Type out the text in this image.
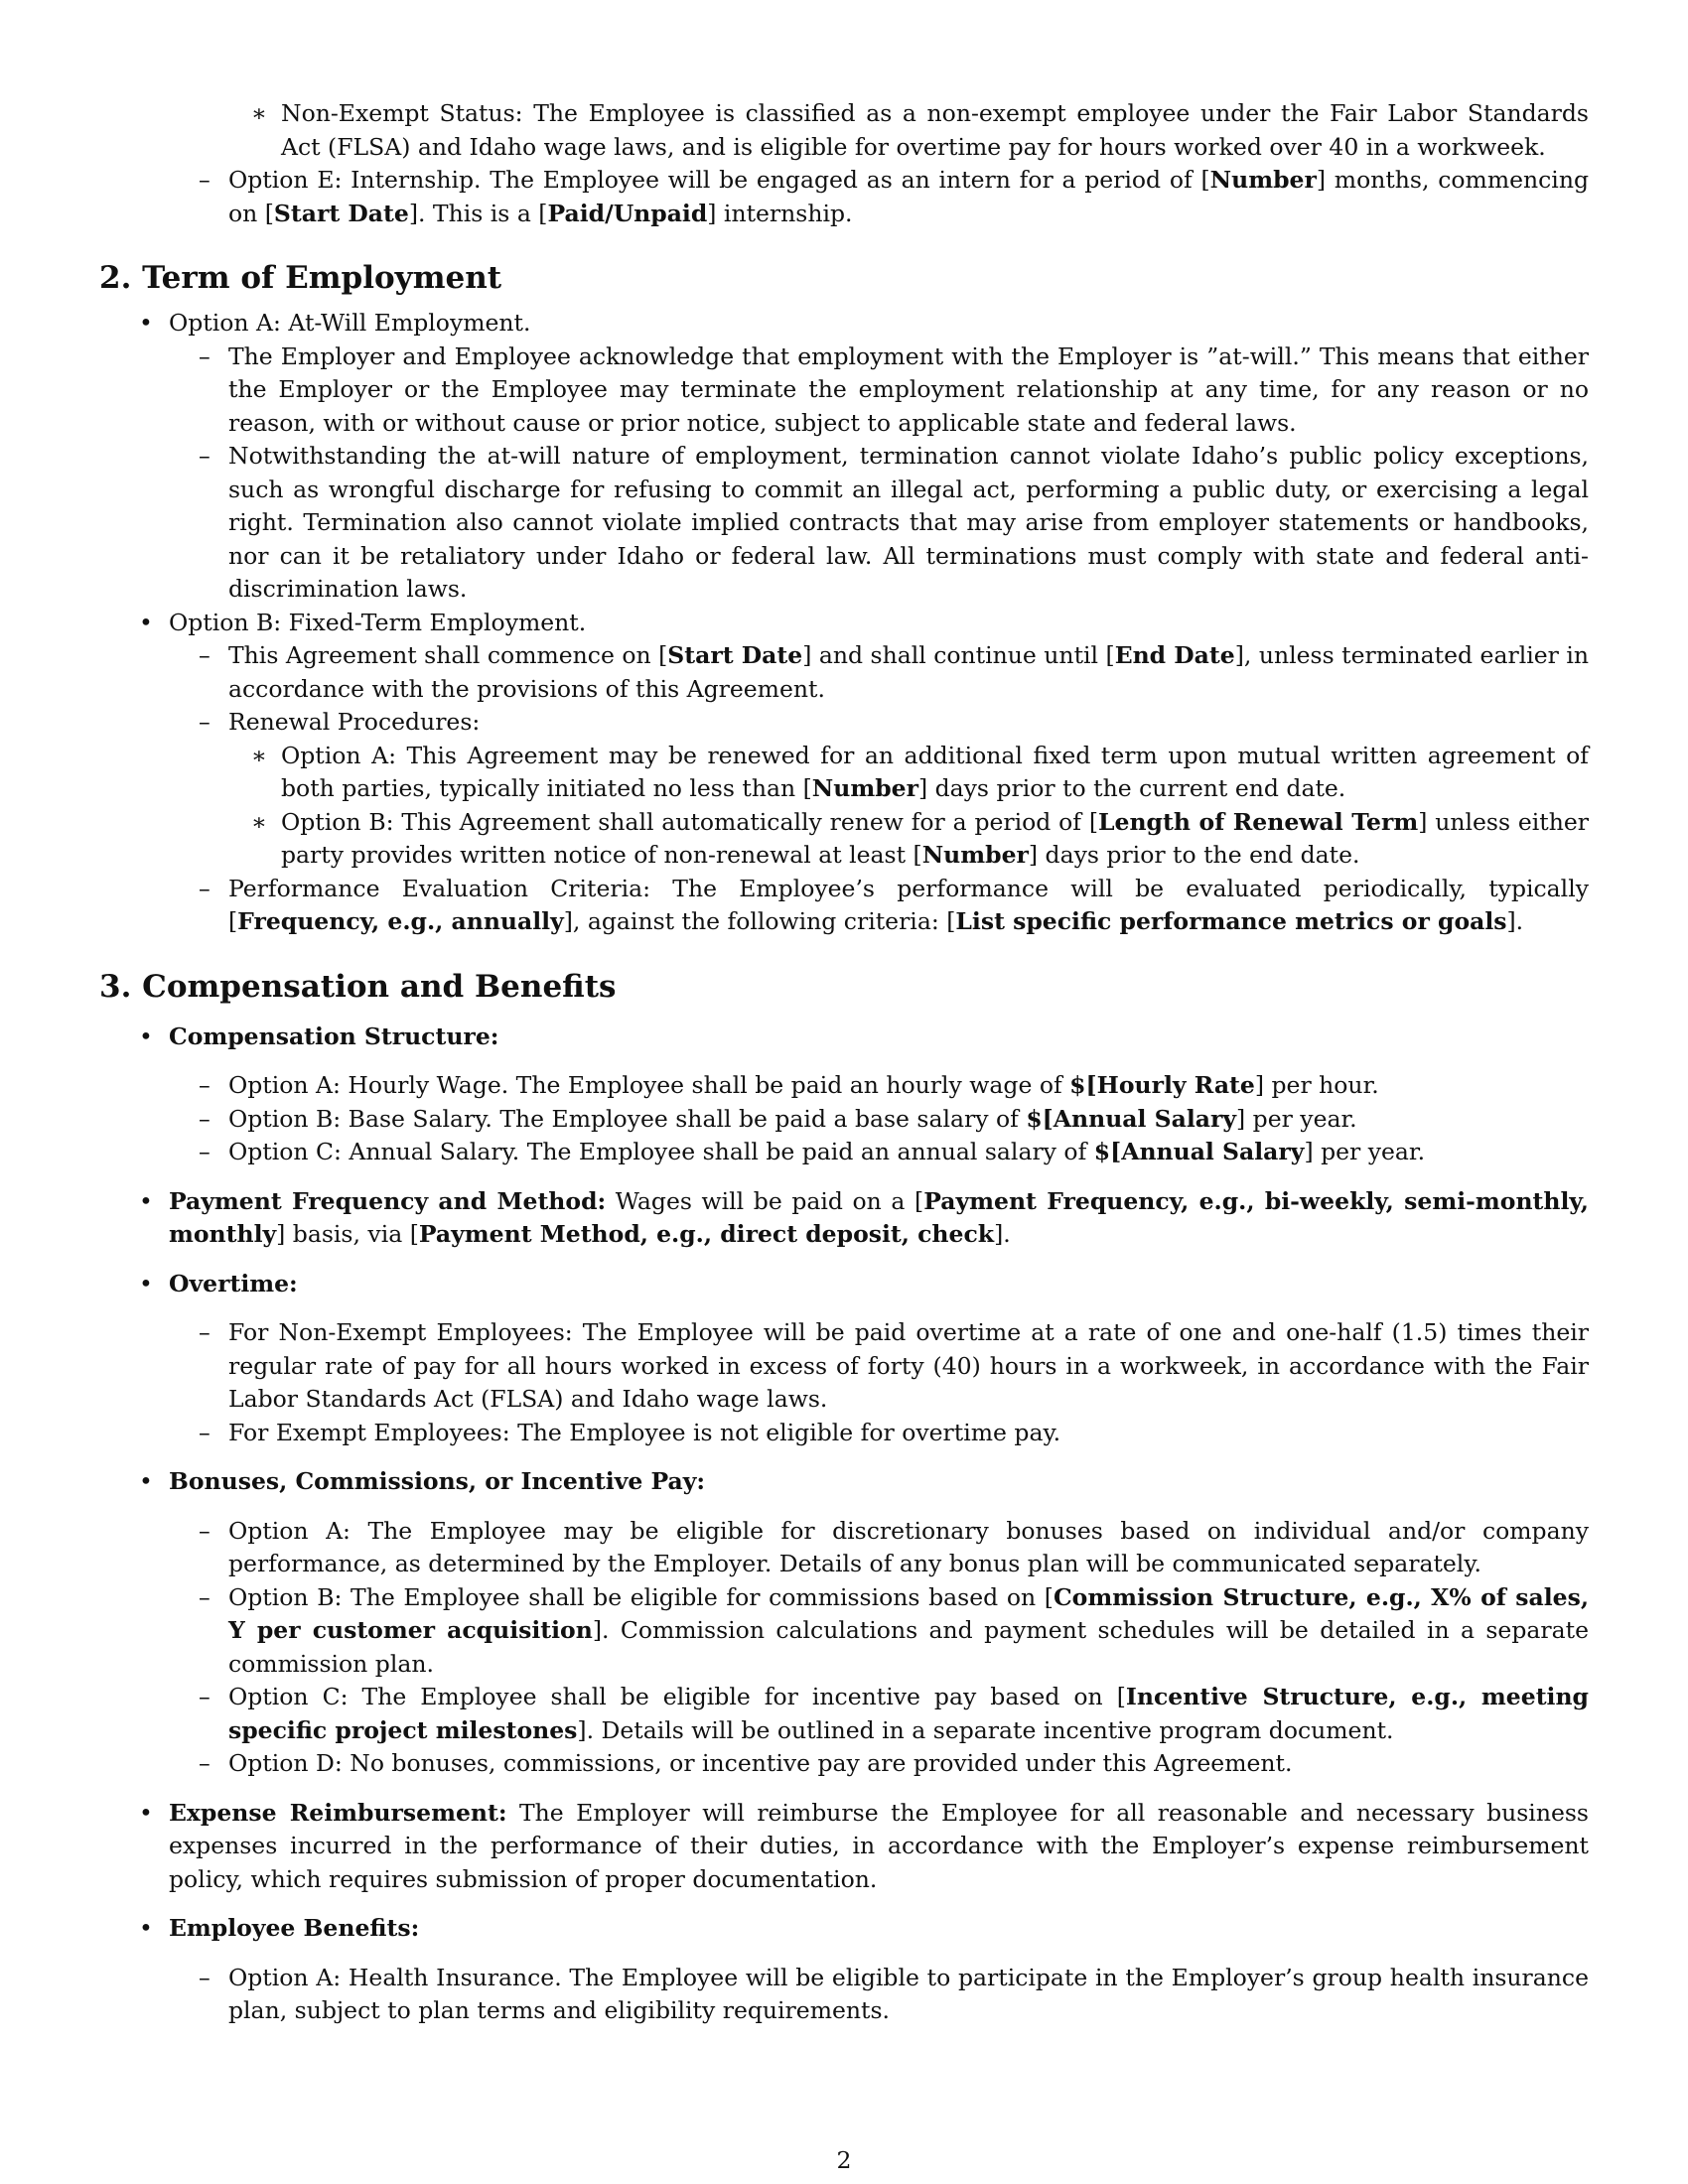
∗ Non-Exempt Status: The Employee is classified as a non-exempt employee under the Fair Labor Standards Act (FLSA) and Idaho wage laws, and is eligible for overtime pay for hours worked over 40 in a workweek.
– Option E: Internship. The Employee will be engaged as an intern for a period of [Number] months, commencing on [Start Date]. This is a [Paid/Unpaid] internship.
2. Term of Employment
• Option A: At-Will Employment.
– The Employer and Employee acknowledge that employment with the Employer is ”at-will.” This means that either the Employer or the Employee may terminate the employment relationship at any time, for any reason or no reason, with or without cause or prior notice, subject to applicable state and federal laws.
– Notwithstanding the at-will nature of employment, termination cannot violate Idaho’s public policy exceptions, such as wrongful discharge for refusing to commit an illegal act, performing a public duty, or exercising a legal right. Termination also cannot violate implied contracts that may arise from employer statements or handbooks, nor can it be retaliatory under Idaho or federal law. All terminations must comply with state and federal anti-discrimination laws.
• Option B: Fixed-Term Employment.
– This Agreement shall commence on [Start Date] and shall continue until [End Date], unless terminated earlier in accordance with the provisions of this Agreement.
– Renewal Procedures:
∗ Option A: This Agreement may be renewed for an additional fixed term upon mutual written agreement of both parties, typically initiated no less than [Number] days prior to the current end date.
∗ Option B: This Agreement shall automatically renew for a period of [Length of Renewal Term] unless either party provides written notice of non-renewal at least [Number] days prior to the end date.
– Performance Evaluation Criteria: The Employee’s performance will be evaluated periodically, typically [Frequency, e.g., annually], against the following criteria: [List specific performance metrics or goals].
3. Compensation and Benefits
• Compensation Structure:
– Option A: Hourly Wage. The Employee shall be paid an hourly wage of $[Hourly Rate] per hour.
– Option B: Base Salary. The Employee shall be paid a base salary of $[Annual Salary] per year.
– Option C: Annual Salary. The Employee shall be paid an annual salary of $[Annual Salary] per year.
• Payment Frequency and Method: Wages will be paid on a [Payment Frequency, e.g., bi-weekly, semi-monthly, monthly] basis, via [Payment Method, e.g., direct deposit, check].
• Overtime:
– For Non-Exempt Employees: The Employee will be paid overtime at a rate of one and one-half (1.5) times their regular rate of pay for all hours worked in excess of forty (40) hours in a workweek, in accordance with the Fair Labor Standards Act (FLSA) and Idaho wage laws.
– For Exempt Employees: The Employee is not eligible for overtime pay.
• Bonuses, Commissions, or Incentive Pay:
– Option A: The Employee may be eligible for discretionary bonuses based on individual and/or company performance, as determined by the Employer. Details of any bonus plan will be communicated separately.
– Option B: The Employee shall be eligible for commissions based on [Commission Structure, e.g., X% of sales, Y per customer acquisition]. Commission calculations and payment schedules will be detailed in a separate commission plan.
– Option C: The Employee shall be eligible for incentive pay based on [Incentive Structure, e.g., meeting specific project milestones]. Details will be outlined in a separate incentive program document.
– Option D: No bonuses, commissions, or incentive pay are provided under this Agreement.
• Expense Reimbursement: The Employer will reimburse the Employee for all reasonable and necessary business expenses incurred in the performance of their duties, in accordance with the Employer’s expense reimbursement policy, which requires submission of proper documentation.
• Employee Benefits:
– Option A: Health Insurance. The Employee will be eligible to participate in the Employer’s group health insurance plan, subject to plan terms and eligibility requirements.
2
